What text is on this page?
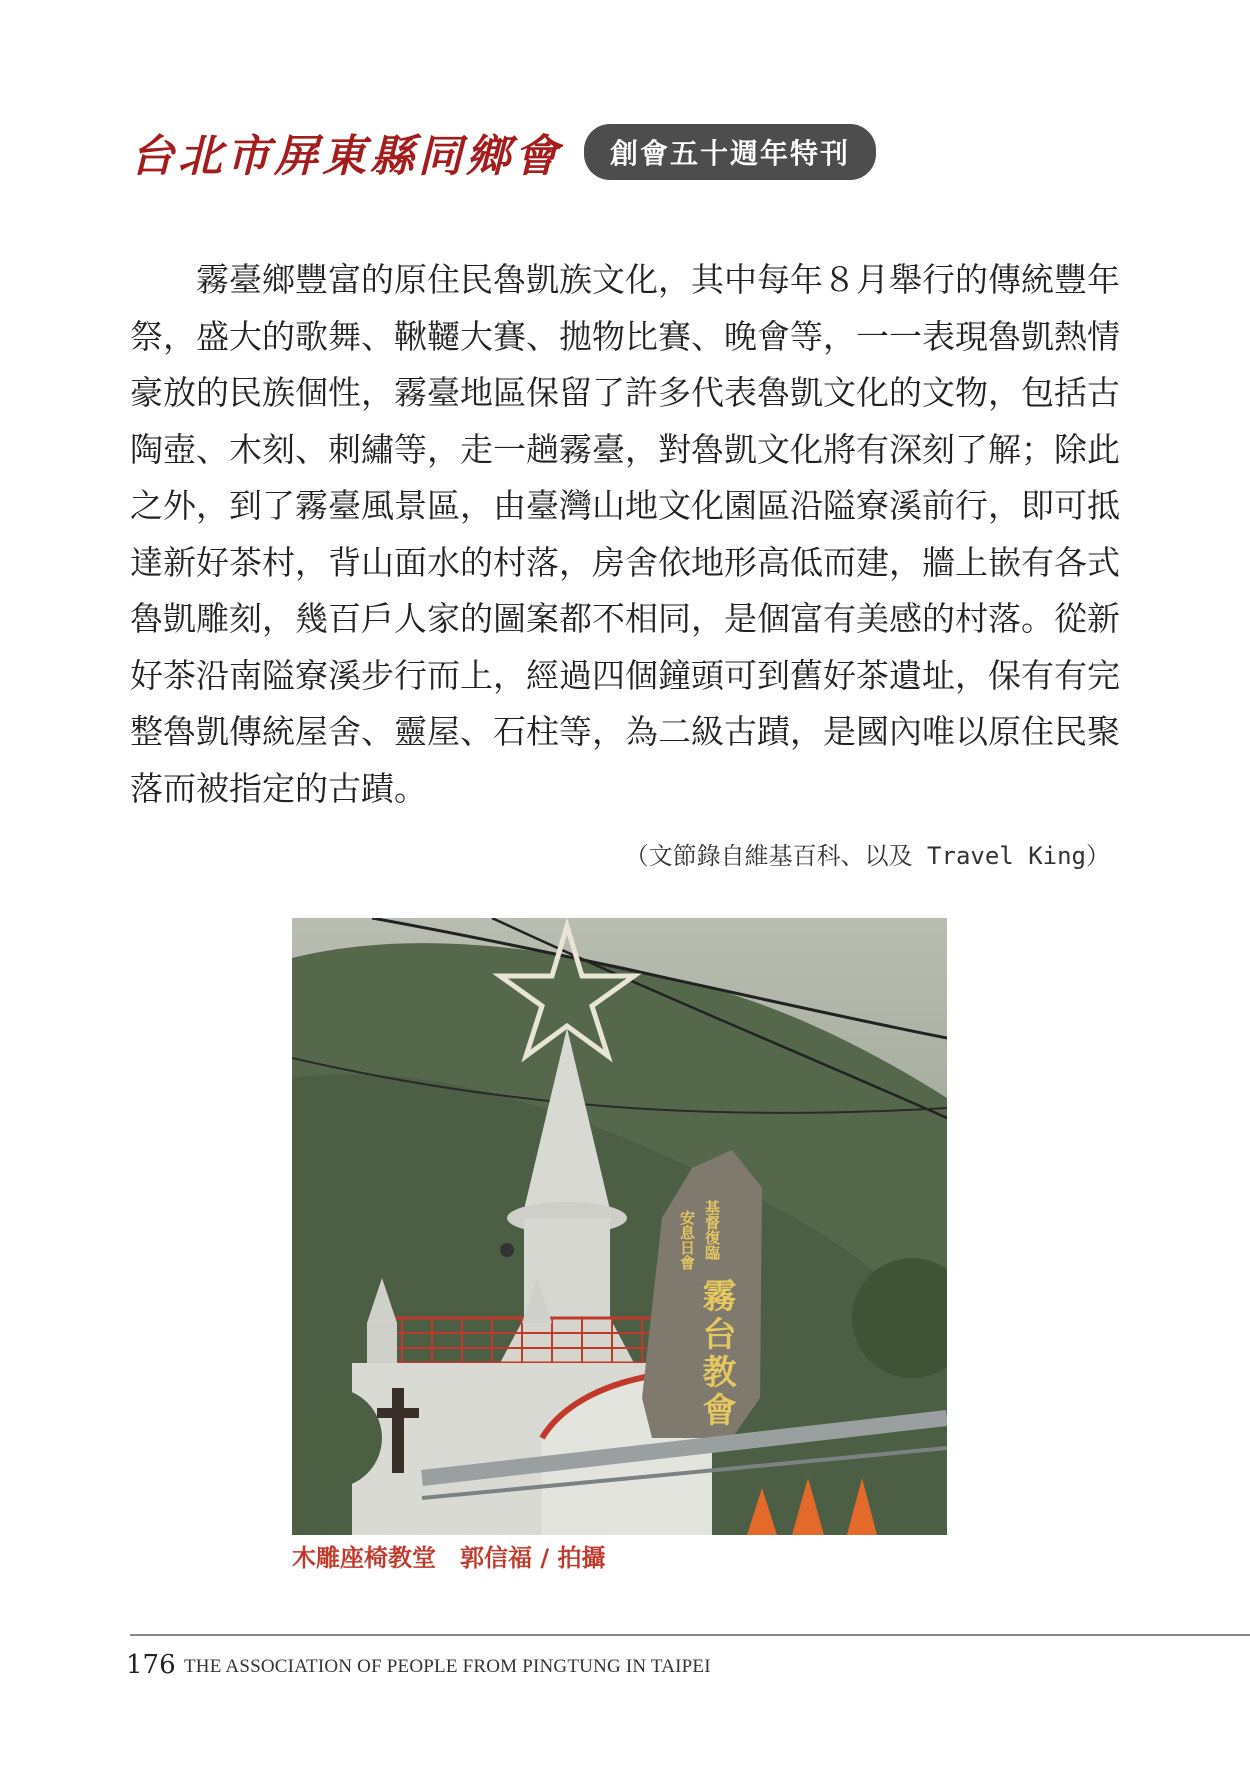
台北市屏東縣同鄉會	創會五十週年特刊

霧臺鄉豐富的原住民魯凱族文化，其中每年８月舉行的傳統豐年祭，盛大的歌舞、鞦韆大賽、拋物比賽、晚會等，一一表現魯凱熱情豪放的民族個性，霧臺地區保留了許多代表魯凱文化的文物，包括古陶壺、木刻、刺繡等，走一趟霧臺，對魯凱文化將有深刻了解；除此之外，到了霧臺風景區，由臺灣山地文化園區沿隘寮溪前行，即可抵達新好茶村，背山面水的村落，房舍依地形高低而建，牆上嵌有各式魯凱雕刻，幾百戶人家的圖案都不相同，是個富有美感的村落。從新好茶沿南隘寮溪步行而上，經過四個鐘頭可到舊好茶遺址，保有有完整魯凱傳統屋舍、靈屋、石柱等，為二級古蹟，是國內唯以原住民聚落而被指定的古蹟。

（文節錄自維基百科、以及 Travel King）
基督復臨
安息日會
霧台教會
木雕座椅教堂　郭信福 / 拍攝
176 THE ASSOCIATION OF PEOPLE FROM PINGTUNG IN TAIPEI
